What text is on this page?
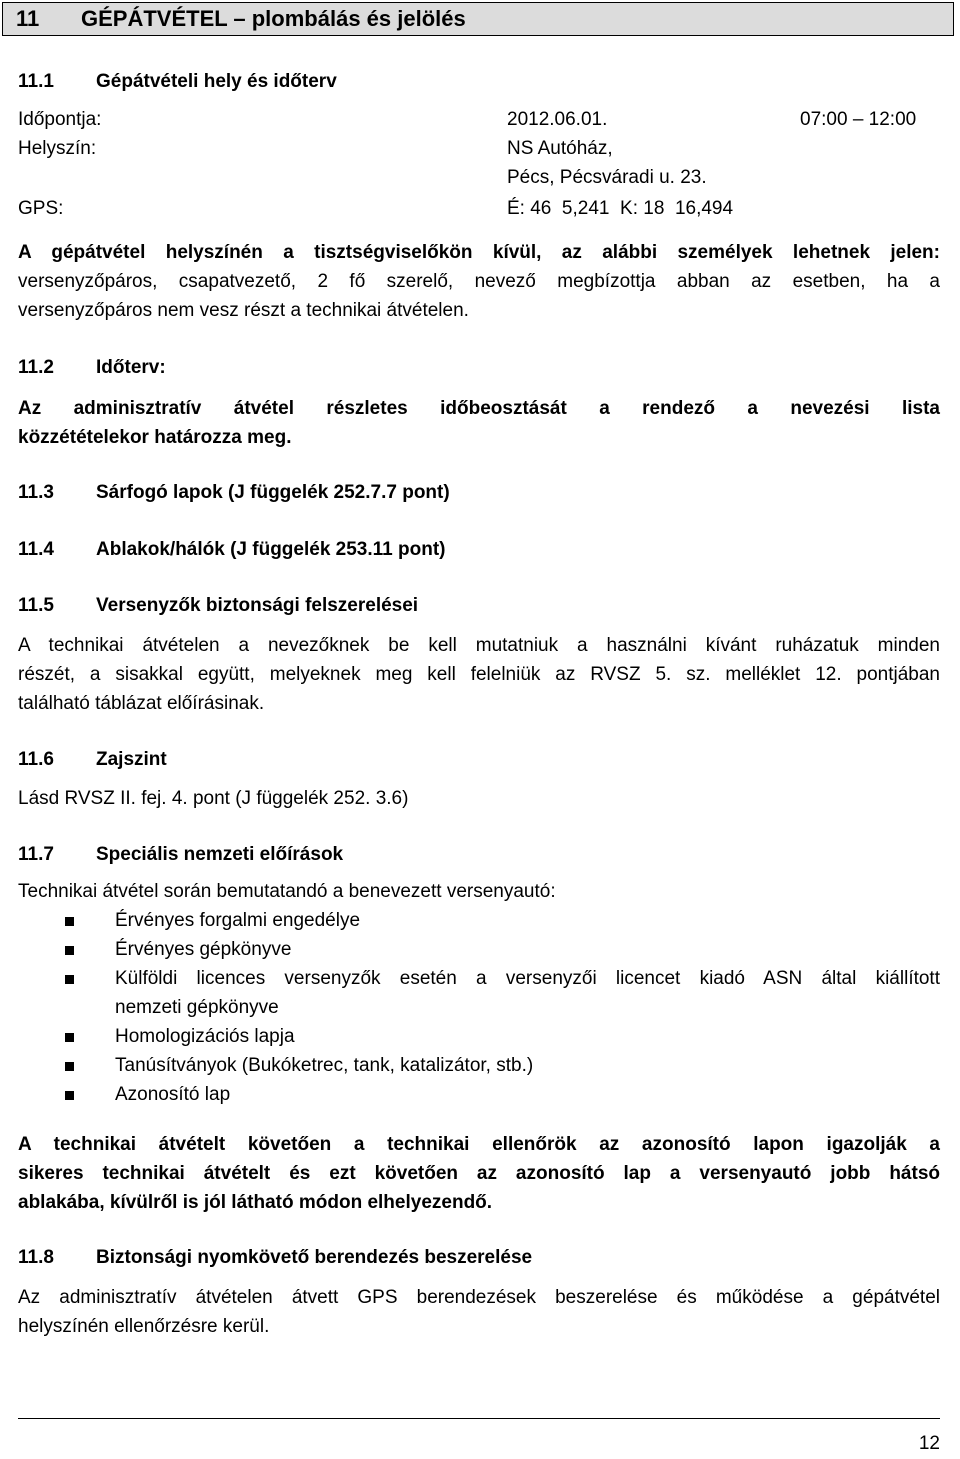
11 GÉPÁTVÉTEL – plombálás és jelölés
11.1 Gépátvételi hely és időterv
Időpontja:	2012.06.01.	07:00 – 12:00
Helyszín:	NS Autóház,
Pécs, Pécsváradi u. 23.
GPS:	É: 46  5,241  K: 18  16,494
A gépátvétel helyszínén a tisztségviselőkön kívül, az alábbi személyek lehetnek jelen:
versenyzőpáros, csapatvezető, 2 fő szerelő, nevező megbízottja abban az esetben, ha a
versenyzőpáros nem vesz részt a technikai átvételen.
11.2 Időterv:
Az adminisztratív átvétel részletes időbeosztását a rendező a nevezési lista
közzétételekor határozza meg.
11.3 Sárfogó lapok (J függelék 252.7.7 pont)
11.4 Ablakok/hálók (J függelék 253.11 pont)
11.5 Versenyzők biztonsági felszerelései
A technikai átvételen a nevezőknek be kell mutatniuk a használni kívánt ruházatuk minden
részét, a sisakkal együtt, melyeknek meg kell felelniük az RVSZ 5. sz. melléklet 12. pontjában
található táblázat előírásinak.
11.6 Zajszint
Lásd RVSZ II. fej. 4. pont (J függelék 252. 3.6)
11.7 Speciális nemzeti előírások
Technikai átvétel során bemutatandó a benevezett versenyautó:
Érvényes forgalmi engedélye
Érvényes gépkönyve
Külföldi licences versenyzők esetén a versenyzői licencet kiadó ASN által kiállított
nemzeti gépkönyve
Homologizációs lapja
Tanúsítványok (Bukóketrec, tank, katalizátor, stb.)
Azonosító lap
A technikai átvételt követően a technikai ellenőrök az azonosító lapon igazolják a
sikeres technikai átvételt és ezt követően az azonosító lap a versenyautó jobb hátsó
ablakába, kívülről is jól látható módon elhelyezendő.
11.8 Biztonsági nyomkövető berendezés beszerelése
Az adminisztratív átvételen átvett GPS berendezések beszerelése és működése a gépátvétel
helyszínén ellenőrzésre kerül.
12
